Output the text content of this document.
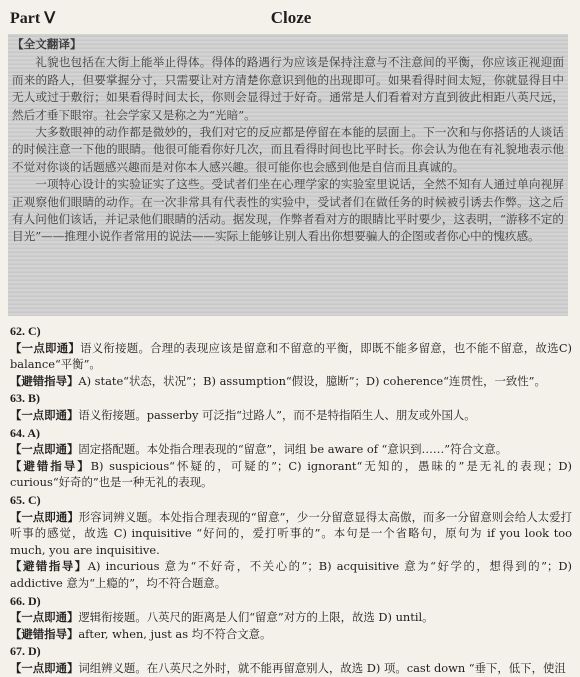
Part Ⅴ	Cloze
【全文翻译】

礼貌也包括在大街上能举止得体。得体的路遇行为应该是保持注意与不注意间的平衡，你应该正视迎面而来的路人，但要掌握分寸，只需要让对方清楚你意识到他的出现即可。如果看得时间太短，你就显得目中无人或过于敷衍；如果看得时间太长，你则会显得过于好奇。通常是人们看着对方直到彼此相距八英尺远，然后才垂下眼帘。社会学家又是称之为“光暗”。

大多数眼神的动作都是微妙的，我们对它的反应都是停留在本能的层面上。下一次和与你搭话的人谈话的时候注意一下他的眼睛。他很可能看你好几次，而且看得时间也比平时长。你会认为他在有礼貌地表示他不觉对你谈的话题感兴趣而是对你本人感兴趣。很可能你也会感到他是自信而且真诚的。

一项特心设计的实验证实了这些。受试者们坐在心理学家的实验室里说话，全然不知有人通过单向视屏正观察他们眼睛的动作。在一次非常具有代表性的实验中，受试者们在做任务的时候被引诱去作弊。这之后有人问他们该话，并记录他们眼睛的活动。据发现，作弊者看对方的眼睛比平时要少，这表明，“游移不定的目光”——推理小说作者常用的说法——实际上能够让别人看出你想要骗人的企图或者你心中的愧疚感。

62. C)

【一点即通】语义衔接题。合理的表现应该是留意和不留意的平衡，即既不能多留意，也不能不留意，故选C) balance“平衡”。

【避错指导】A) state“状态，状况”；B) assumption“假设，臆断”；D) coherence“连贯性，一致性”。

63. B)

【一点即通】语义衔接题。passerby 可泛指“过路人”，而不是特指陌生人、朋友或外国人。

64. A)

【一点即通】固定搭配题。本处指合理表现的“留意”，词组 be aware of “意识到……”符合文意。

【避错指导】B) suspicious“怀疑的，可疑的”；C) ignorant“无知的，愚昧的”是无礼的表现；D) curious“好奇的”也是一种无礼的表现。

65. C)

【一点即通】形容词辨义题。本处指合理表现的“留意”，少一分留意显得太高傲，而多一分留意则会给人太爱打听事的感觉，故选 C) inquisitive “好问的，爱打听事的”。本句是一个省略句，原句为 if you look too much, you are inquisitive.

【避错指导】A) incurious 意为“不好奇，不关心的”；B) acquisitive 意为“好学的，想得到的”；D) addictive 意为“上瘾的”，均不符合题意。

66. D)

【一点即通】逻辑衔接题。八英尺的距离是人们“留意”对方的上限，故选 D) until。

【避错指导】after, when, just as 均不符合文意。

67. D)

【一点即通】词组辨义题。在八英尺之外时，就不能再留意别人，故选 D) 项。cast down “垂下，低下，使沮
